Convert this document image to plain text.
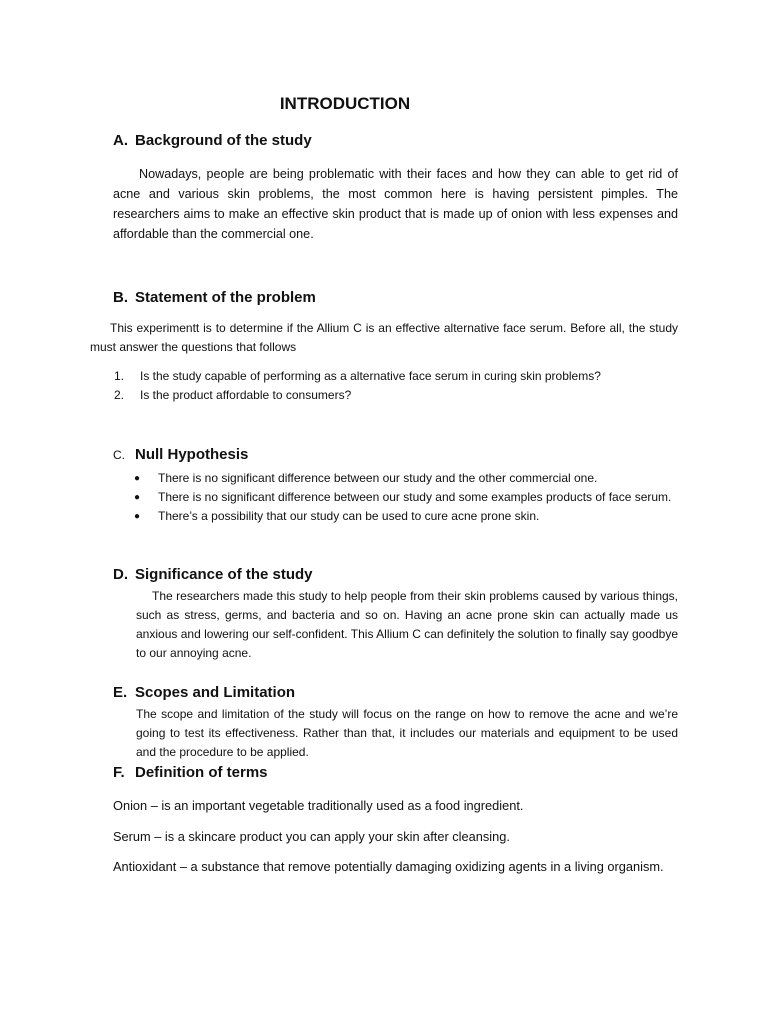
INTRODUCTION
A. Background of the study
Nowadays, people are being problematic with their faces and how they can able to get rid of acne and various skin problems, the most common here is having persistent pimples. The researchers aims to make an effective skin product that is made up of onion with less expenses and affordable than the commercial one.
B. Statement of the problem
This experimentt is to determine if the Allium C is an effective alternative face serum. Before all, the study must answer the questions that follows
1.	Is the study capable of performing as a alternative face serum in curing skin problems?
2.	Is the product affordable to consumers?
C. Null Hypothesis
● There is no significant difference between our study and the other commercial one.
● There is no significant difference between our study and some examples products of face serum.
● There’s a possibility that our study can be used to cure acne prone skin.
D. Significance of the study
The researchers made this study to help people from their skin problems caused by various things, such as stress, germs, and bacteria and so on. Having an acne prone skin can actually made us anxious and lowering our self-confident. This Allium C can definitely the solution to finally say goodbye to our annoying acne.
E. Scopes and Limitation
The scope and limitation of the study will focus on the range on how to remove the acne and we’re going to test its effectiveness. Rather than that, it includes our materials and equipment to be used and the procedure to be applied.
F. Definition of terms
Onion – is an important vegetable traditionally used as a food ingredient.
Serum – is a skincare product you can apply your skin after cleansing.
Antioxidant – a substance that remove potentially damaging oxidizing agents in a living organism.
